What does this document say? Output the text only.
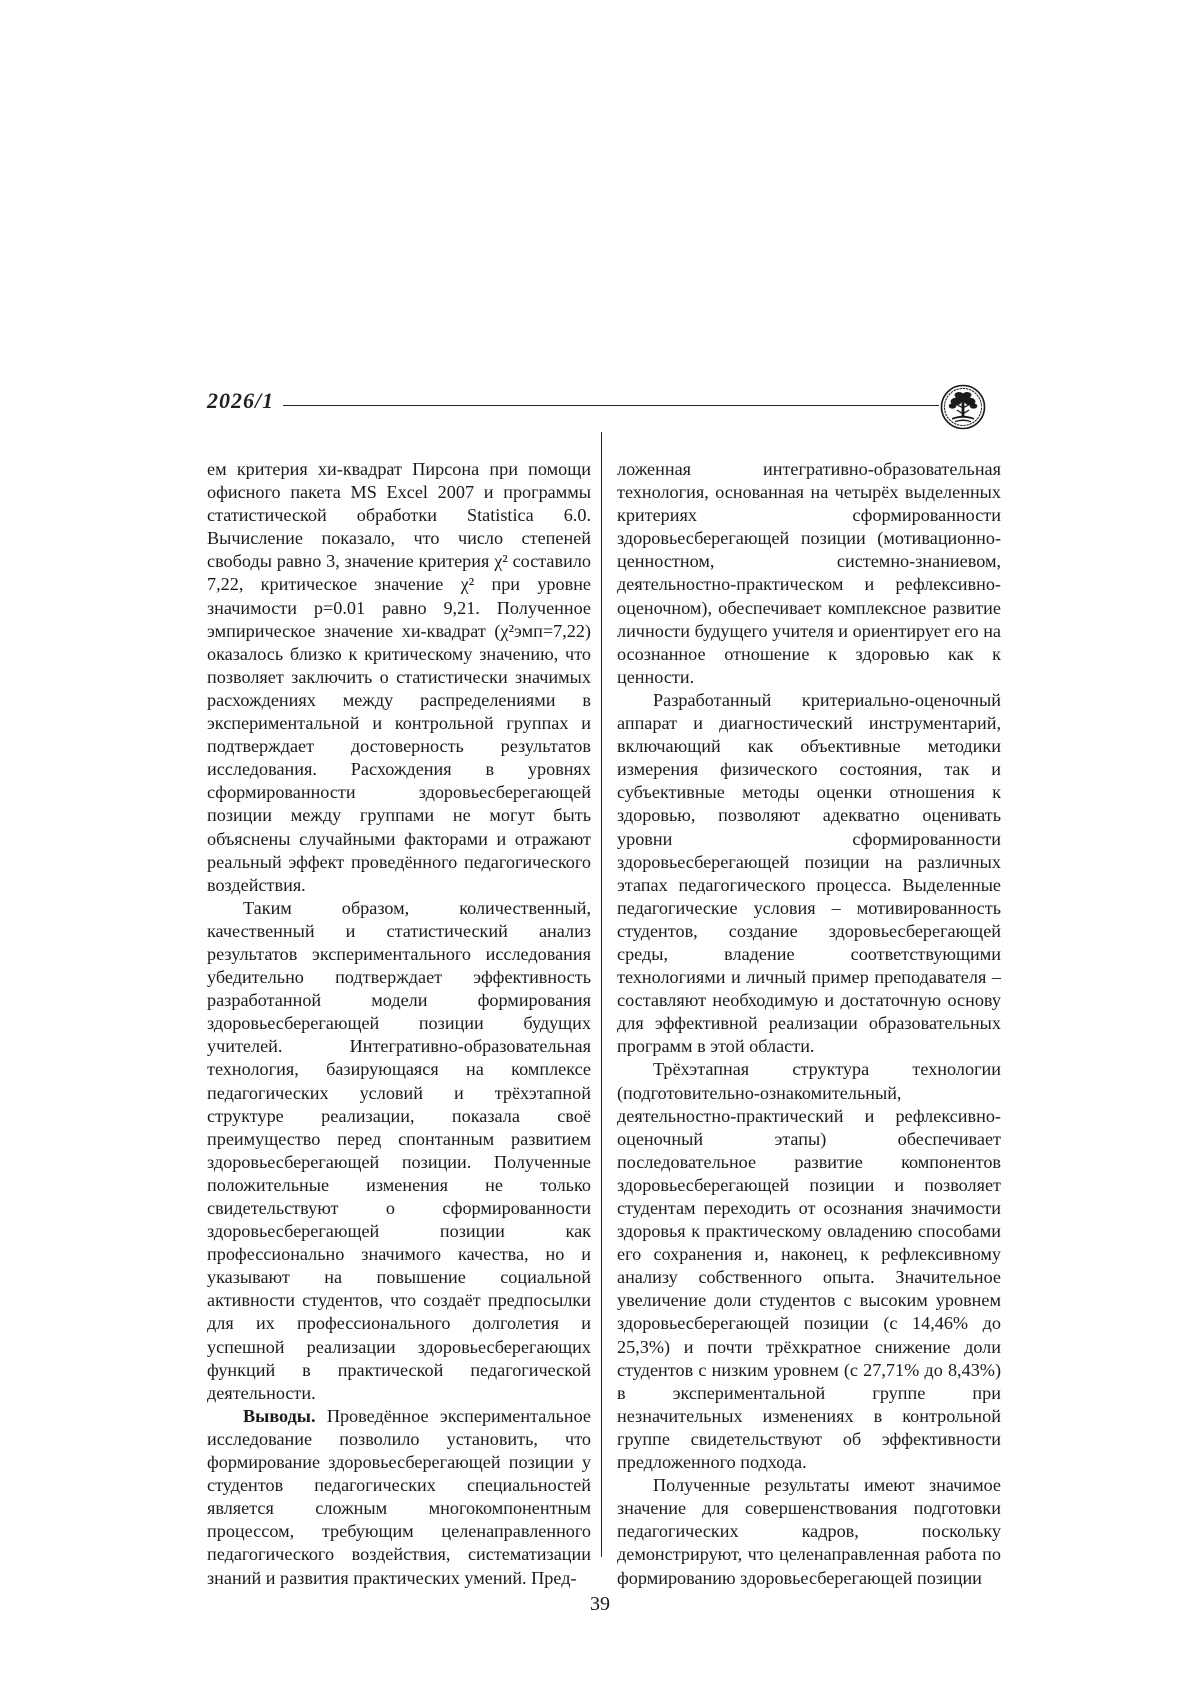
2026/1

ем критерия хи-квадрат Пирсона при помощи офисного пакета MS Excel 2007 и программы статистической обработки Statistica 6.0. Вычисление показало, что число степеней свободы равно 3, значение критерия χ² составило 7,22, критическое значение χ² при уровне значимости p=0.01 равно 9,21. Полученное эмпирическое значение хи-квадрат (χ²эмп=7,22) оказалось близко к критическому значению, что позволяет заключить о статистически значимых расхождениях между распределениями в экспериментальной и контрольной группах и подтверждает достоверность результатов исследования. Расхождения в уровнях сформированности здоровьесберегающей позиции между группами не могут быть объяснены случайными факторами и отражают реальный эффект проведённого педагогического воздействия.

Таким образом, количественный, качественный и статистический анализ результатов экспериментального исследования убедительно подтверждает эффективность разработанной модели формирования здоровьесберегающей позиции будущих учителей. Интегративно-образовательная технология, базирующаяся на комплексе педагогических условий и трёхэтапной структуре реализации, показала своё преимущество перед спонтанным развитием здоровьесберегающей позиции. Полученные положительные изменения не только свидетельствуют о сформированности здоровьесберегающей позиции как профессионально значимого качества, но и указывают на повышение социальной активности студентов, что создаёт предпосылки для их профессионального долголетия и успешной реализации здоровьесберегающих функций в практической педагогической деятельности.

Выводы. Проведённое экспериментальное исследование позволило установить, что формирование здоровьесберегающей позиции у студентов педагогических специальностей является сложным многокомпонентным процессом, требующим целенаправленного педагогического воздействия, систематизации знаний и развития практических умений. Пред-

ложенная интегративно-образовательная технология, основанная на четырёх выделенных критериях сформированности здоровьесберегающей позиции (мотивационно-ценностном, системно-знаниевом, деятельностно-практическом и рефлексивно-оценочном), обеспечивает комплексное развитие личности будущего учителя и ориентирует его на осознанное отношение к здоровью как к ценности.

Разработанный критериально-оценочный аппарат и диагностический инструментарий, включающий как объективные методики измерения физического состояния, так и субъективные методы оценки отношения к здоровью, позволяют адекватно оценивать уровни сформированности здоровьесберегающей позиции на различных этапах педагогического процесса. Выделенные педагогические условия – мотивированность студентов, создание здоровьесберегающей среды, владение соответствующими технологиями и личный пример преподавателя – составляют необходимую и достаточную основу для эффективной реализации образовательных программ в этой области.

Трёхэтапная структура технологии (подготовительно-ознакомительный, деятельностно-практический и рефлексивно-оценочный этапы) обеспечивает последовательное развитие компонентов здоровьесберегающей позиции и позволяет студентам переходить от осознания значимости здоровья к практическому овладению способами его сохранения и, наконец, к рефлексивному анализу собственного опыта. Значительное увеличение доли студентов с высоким уровнем здоровьесберегающей позиции (с 14,46% до 25,3%) и почти трёхкратное снижение доли студентов с низким уровнем (с 27,71% до 8,43%) в экспериментальной группе при незначительных изменениях в контрольной группе свидетельствуют об эффективности предложенного подхода.

Полученные результаты имеют значимое значение для совершенствования подготовки педагогических кадров, поскольку демонстрируют, что целенаправленная работа по формированию здоровьесберегающей позиции

39
